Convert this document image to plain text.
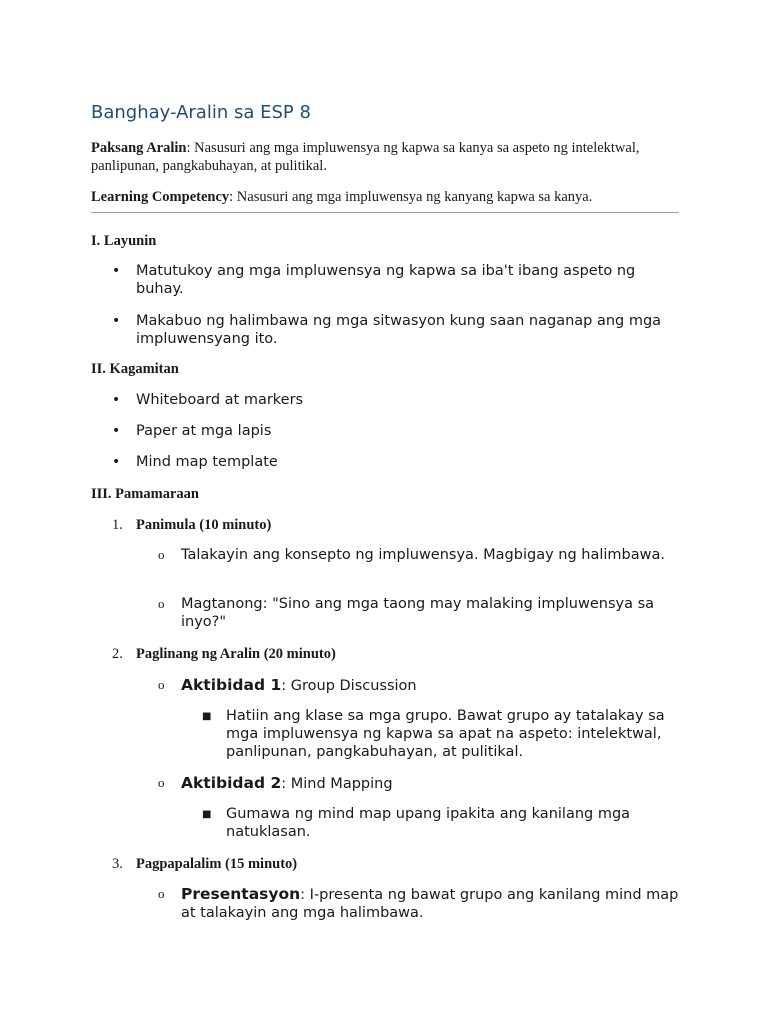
Banghay-Aralin sa ESP 8

Paksang Aralin: Nasusuri ang mga impluwensya ng kapwa sa kanya sa aspeto ng intelektwal, panlipunan, pangkabuhayan, at pulitikal.

Learning Competency: Nasusuri ang mga impluwensya ng kanyang kapwa sa kanya.

I. Layunin
• Matutukoy ang mga impluwensya ng kapwa sa iba't ibang aspeto ng buhay.
• Makabuo ng halimbawa ng mga sitwasyon kung saan naganap ang mga impluwensyang ito.
II. Kagamitan
• Whiteboard at markers
• Paper at mga lapis
• Mind map template
III. Pamamaraan
1. Panimula (10 minuto)
o Talakayin ang konsepto ng impluwensya. Magbigay ng halimbawa.
o Magtanong: "Sino ang mga taong may malaking impluwensya sa inyo?"
2. Paglinang ng Aralin (20 minuto)
o Aktibidad 1: Group Discussion
■ Hatiin ang klase sa mga grupo. Bawat grupo ay tatalakay sa mga impluwensya ng kapwa sa apat na aspeto: intelektwal, panlipunan, pangkabuhayan, at pulitikal.
o Aktibidad 2: Mind Mapping
■ Gumawa ng mind map upang ipakita ang kanilang mga natuklasan.
3. Pagpapalalim (15 minuto)
o Presentasyon: I-presenta ng bawat grupo ang kanilang mind map at talakayin ang mga halimbawa.
